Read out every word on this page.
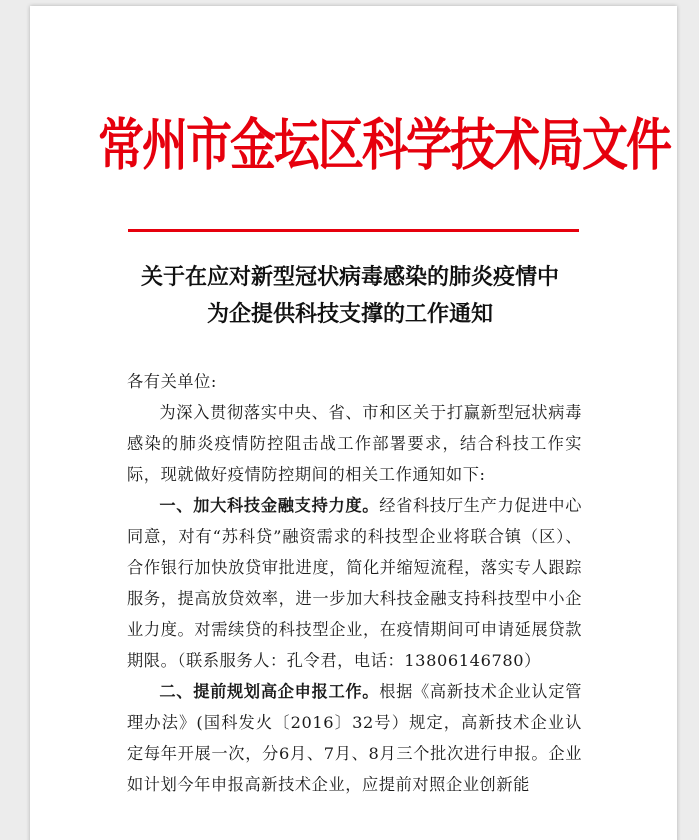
常州市金坛区科学技术局文件
关于在应对新型冠状病毒感染的肺炎疫情中
为企提供科技支撑的工作通知

各有关单位:

为深入贯彻落实中央、省、市和区关于打赢新型冠状病毒感染的肺炎疫情防控阻击战工作部署要求，结合科技工作实际，现就做好疫情防控期间的相关工作通知如下:

一、加大科技金融支持力度。经省科技厅生产力促进中心同意，对有“苏科贷”融资需求的科技型企业将联合镇（区）、合作银行加快放贷审批进度，简化并缩短流程，落实专人跟踪服务，提高放贷效率，进一步加大科技金融支持科技型中小企业力度。对需续贷的科技型企业，在疫情期间可申请延展贷款期限。（联系服务人：孔令君，电话：13806146780）

二、提前规划高企申报工作。根据《高新技术企业认定管理办法》(国科发火〔2016〕32号）规定，高新技术企业认定每年开展一次，分6月、7月、8月三个批次进行申报。企业如计划今年申报高新技术企业，应提前对照企业创新能
